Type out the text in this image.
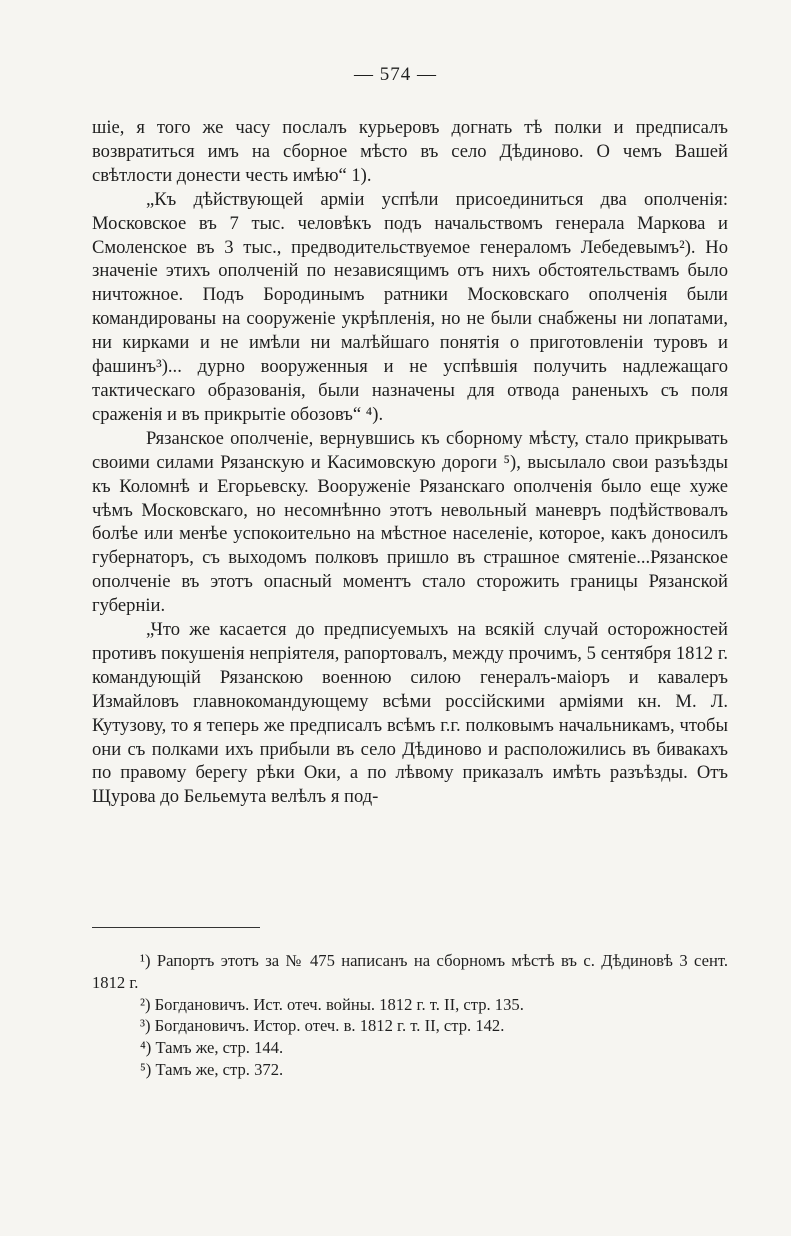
— 574 —

шіе, я того же часу послалъ курьеровъ догнать тѣ полки и предписалъ возвратиться имъ на сборное мѣсто въ село Дѣдиново. О чемъ Вашей свѣтлости донести честь имѣю“ 1).

„Къ дѣйствующей арміи успѣли присоединиться два ополченія: Московское въ 7 тыс. человѣкъ подъ начальствомъ генерала Маркова и Смоленское въ 3 тыс., предводительствуемое генераломъ Лебедевымъ²). Но значеніе этихъ ополченій по независящимъ отъ нихъ обстоятельствамъ было ничтожное. Подъ Бородинымъ ратники Московскаго ополченія были командированы на сооруженіе укрѣпленія, но не были снабжены ни лопатами, ни кирками и не имѣли ни малѣйшаго понятія о приготовленіи туровъ и фашинъ³)... дурно вооруженныя и не успѣвшія получить надлежащаго тактическаго образованія, были назначены для отвода раненыхъ съ поля сраженія и въ прикрытіе обозовъ“ ⁴).

Рязанское ополченіе, вернувшись къ сборному мѣсту, стало прикрывать своими силами Рязанскую и Касимовскую дороги ⁵), высылало свои разъѣзды къ Коломнѣ и Егорьевску. Вооруженіе Рязанскаго ополченія было еще хуже чѣмъ Московскаго, но несомнѣнно этотъ невольный маневръ подѣйствовалъ болѣе или менѣе успокоительно на мѣстное населеніе, которое, какъ доносилъ губернаторъ, съ выходомъ полковъ пришло въ страшное смятеніе...Рязанское ополченіе въ этотъ опасный моментъ стало сторожить границы Рязанской губерніи.

„Что же касается до предписуемыхъ на всякій случай осторожностей противъ покушенія непріятеля, рапортовалъ, между прочимъ, 5 сентября 1812 г. командующій Рязанскою военною силою генералъ-маіоръ и кавалеръ Измайловъ главнокомандующему всѣми россійскими арміями кн. М. Л. Кутузову, то я теперь же предписалъ всѣмъ г.г. полковымъ начальникамъ, чтобы они съ полками ихъ прибыли въ село Дѣдиново и расположились въ бивакахъ по правому берегу рѣки Оки, а по лѣвому приказалъ имѣть разъѣзды. Отъ Щурова до Бельемута велѣлъ я под-

¹) Рапортъ этотъ за № 475 написанъ на сборномъ мѣстѣ въ с. Дѣдиновѣ 3 сент. 1812 г.

²) Богдановичъ. Ист. отеч. войны. 1812 г. т. II, стр. 135.

³) Богдановичъ. Истор. отеч. в. 1812 г. т. II, стр. 142.

⁴) Тамъ же, стр. 144.

⁵) Тамъ же, стр. 372.
